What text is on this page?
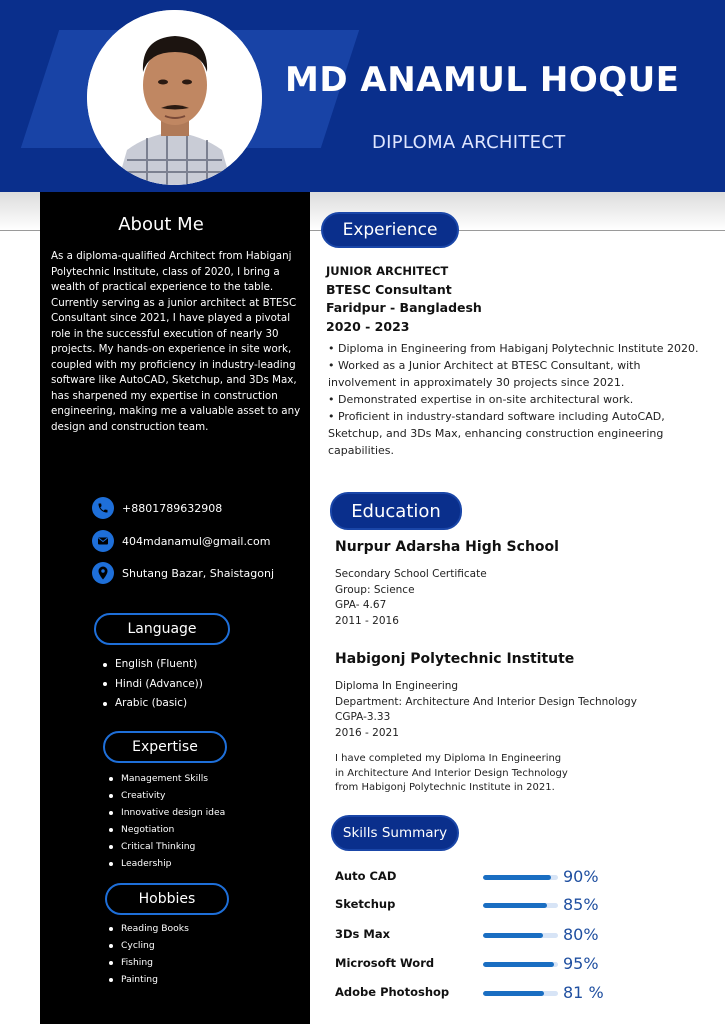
MD ANAMUL HOQUE
DIPLOMA ARCHITECT
About Me
As a diploma-qualified Architect from Habiganj Polytechnic Institute, class of 2020, I bring a wealth of practical experience to the table. Currently serving as a junior architect at BTESC Consultant since 2021, I have played a pivotal role in the successful execution of nearly 30 projects. My hands-on experience in site work, coupled with my proficiency in industry-leading software like AutoCAD, Sketchup, and 3Ds Max, has sharpened my expertise in construction engineering, making me a valuable asset to any design and construction team.
+8801789632908
404mdanamul@gmail.com
Shutang Bazar, Shaistagonj
Language
English (Fluent)
Hindi (Advance))
Arabic (basic)
Expertise
Management Skills
Creativity
Innovative design idea
Negotiation
Critical Thinking
Leadership
Hobbies
Reading Books
Cycling
Fishing
Painting
Experience
JUNIOR ARCHITECT
BTESC Consultant
Faridpur - Bangladesh
2020 - 2023
• Diploma in Engineering from Habiganj Polytechnic Institute 2020.
• Worked as a Junior Architect at BTESC Consultant, with involvement in approximately 30 projects since 2021.
• Demonstrated expertise in on-site architectural work.
• Proficient in industry-standard software including AutoCAD, Sketchup, and 3Ds Max, enhancing construction engineering capabilities.
Education
Nurpur Adarsha High School
Secondary School Certificate
Group: Science
GPA- 4.67
2011 - 2016
Habigonj Polytechnic Institute
Diploma In Engineering
Department: Architecture And Interior Design Technology
CGPA-3.33
2016 - 2021
I have completed my Diploma In Engineering
in Architecture And Interior Design Technology
from Habigonj Polytechnic Institute in 2021.
Skills Summary
Auto CAD	90%
Sketchup	85%
3Ds Max	80%
Microsoft Word	95%
Adobe Photoshop	81 %
